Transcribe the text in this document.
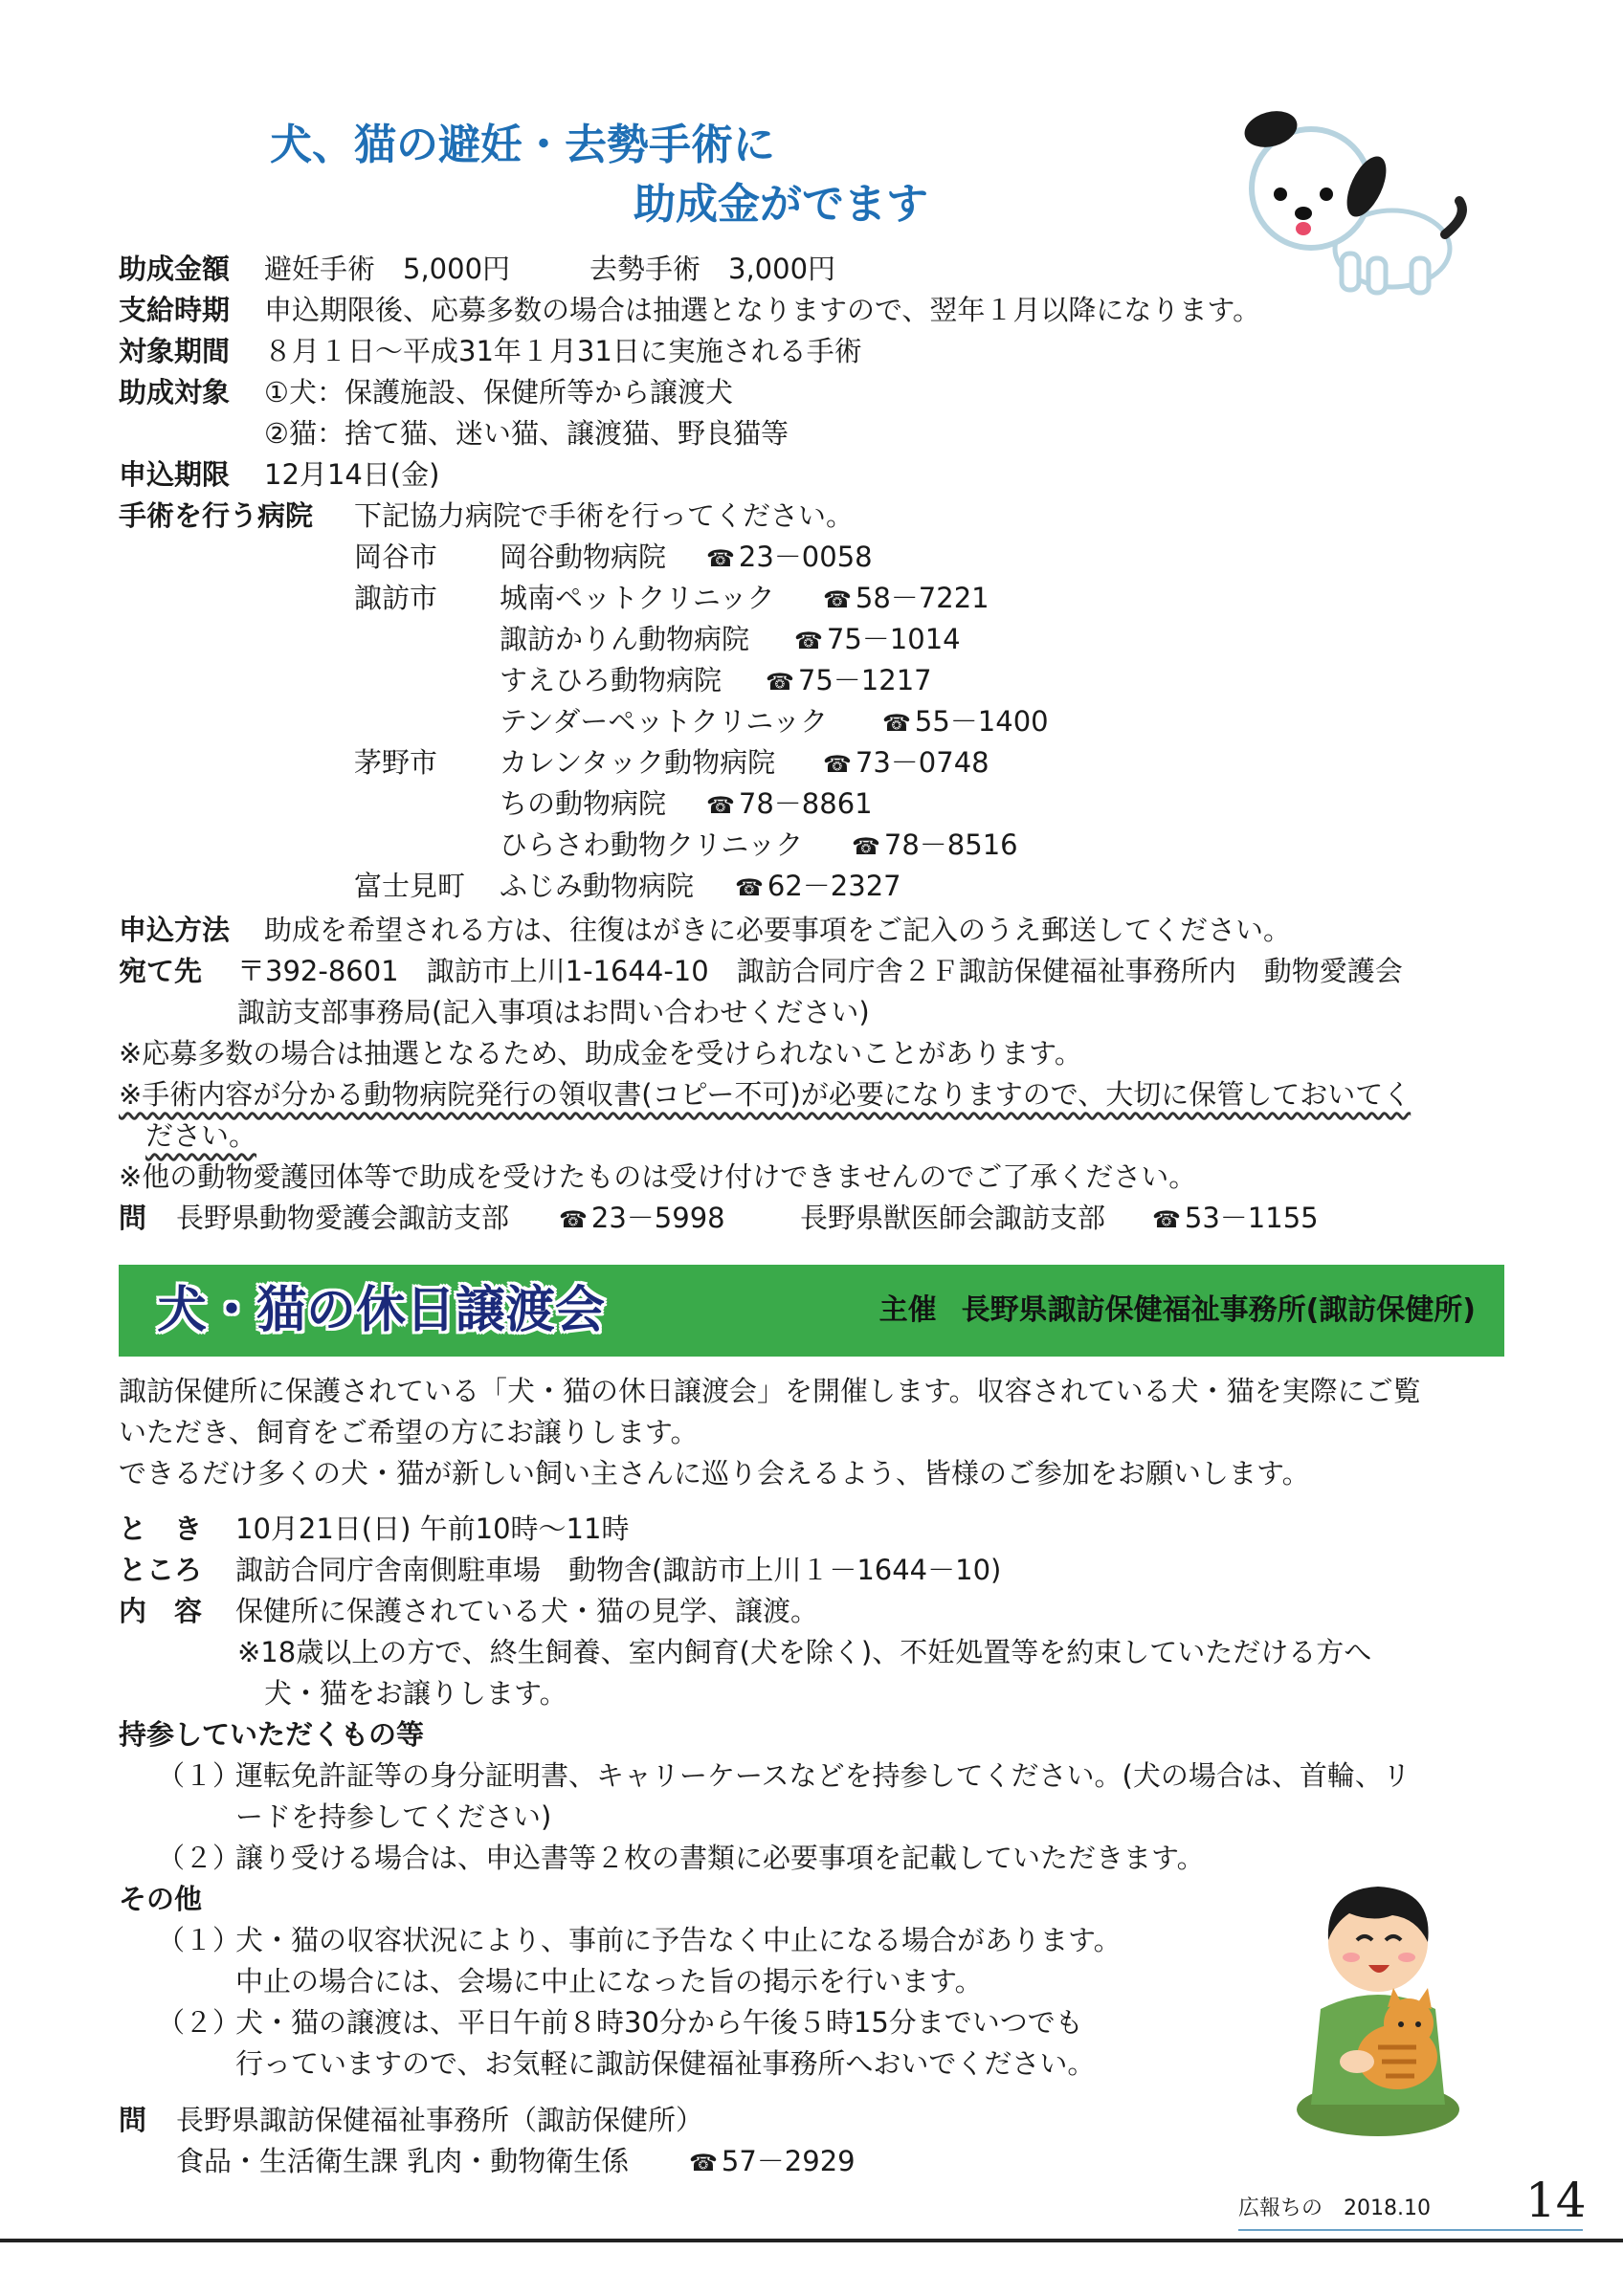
犬、猫の避妊・去勢手術に
助成金がでます
助成金額 避妊手術　5,000円	去勢手術　3,000円
支給時期 申込期限後、応募多数の場合は抽選となりますので、翌年１月以降になります。
対象期間 ８月１日～平成31年１月31日に実施される手術
助成対象 ①犬：保護施設、保健所等から譲渡犬
②猫：捨て猫、迷い猫、譲渡猫、野良猫等
申込期限 12月14日(金)
手術を行う病院 下記協力病院で手術を行ってください。
岡谷市 岡谷動物病院	☎ 23－0058
諏訪市 城南ペットクリニック	☎ 58－7221
諏訪かりん動物病院	☎ 75－1014
すえひろ動物病院	☎ 75－1217
テンダーペットクリニック	☎ 55－1400
茅野市 カレンタック動物病院	☎ 73－0748
ちの動物病院	☎ 78－8861
ひらさわ動物クリニック	☎ 78－8516
富士見町 ふじみ動物病院	☎ 62－2327
申込方法 助成を希望される方は、往復はがきに必要事項をご記入のうえ郵送してください。
宛て先 〒392-8601　諏訪市上川1-1644-10　諏訪合同庁舎２Ｆ諏訪保健福祉事務所内　動物愛護会
諏訪支部事務局(記入事項はお問い合わせください)
※応募多数の場合は抽選となるため、助成金を受けられないことがあります。
※手術内容が分かる動物病院発行の領収書(コピー不可)が必要になりますので、大切に保管しておいてく
ださい。
※他の動物愛護団体等で助成を受けたものは受け付けできませんのでご了承ください。
問 長野県動物愛護会諏訪支部	☎ 23－5998	長野県獣医師会諏訪支部	☎ 53－1155
犬・猫の休日譲渡会	主催 長野県諏訪保健福祉事務所(諏訪保健所)
諏訪保健所に保護されている「犬・猫の休日譲渡会」を開催します。収容されている犬・猫を実際にご覧
いただき、飼育をご希望の方にお譲りします。
できるだけ多くの犬・猫が新しい飼い主さんに巡り会えるよう、皆様のご参加をお願いします。
と　き 10月21日(日) 午前10時～11時
ところ 諏訪合同庁舎南側駐車場　動物舎(諏訪市上川１－1644－10)
内　容 保健所に保護されている犬・猫の見学、譲渡。
※18歳以上の方で、終生飼養、室内飼育(犬を除く)、不妊処置等を約束していただける方へ
犬・猫をお譲りします。
持参していただくもの等
（１）
運転免許証等の身分証明書、キャリーケースなどを持参してください。(犬の場合は、首輪、リ
ードを持参してください)
（２）
譲り受ける場合は、申込書等２枚の書類に必要事項を記載していただきます。
その他
（１）
犬・猫の収容状況により、事前に予告なく中止になる場合があります。
中止の場合には、会場に中止になった旨の掲示を行います。
（２）
犬・猫の譲渡は、平日午前８時30分から午後５時15分までいつでも
行っていますので、お気軽に諏訪保健福祉事務所へおいでください。
問 長野県諏訪保健福祉事務所（諏訪保健所）
食品・生活衛生課 乳肉・動物衛生係	☎ 57－2929
広報ちの　2018.10 14
